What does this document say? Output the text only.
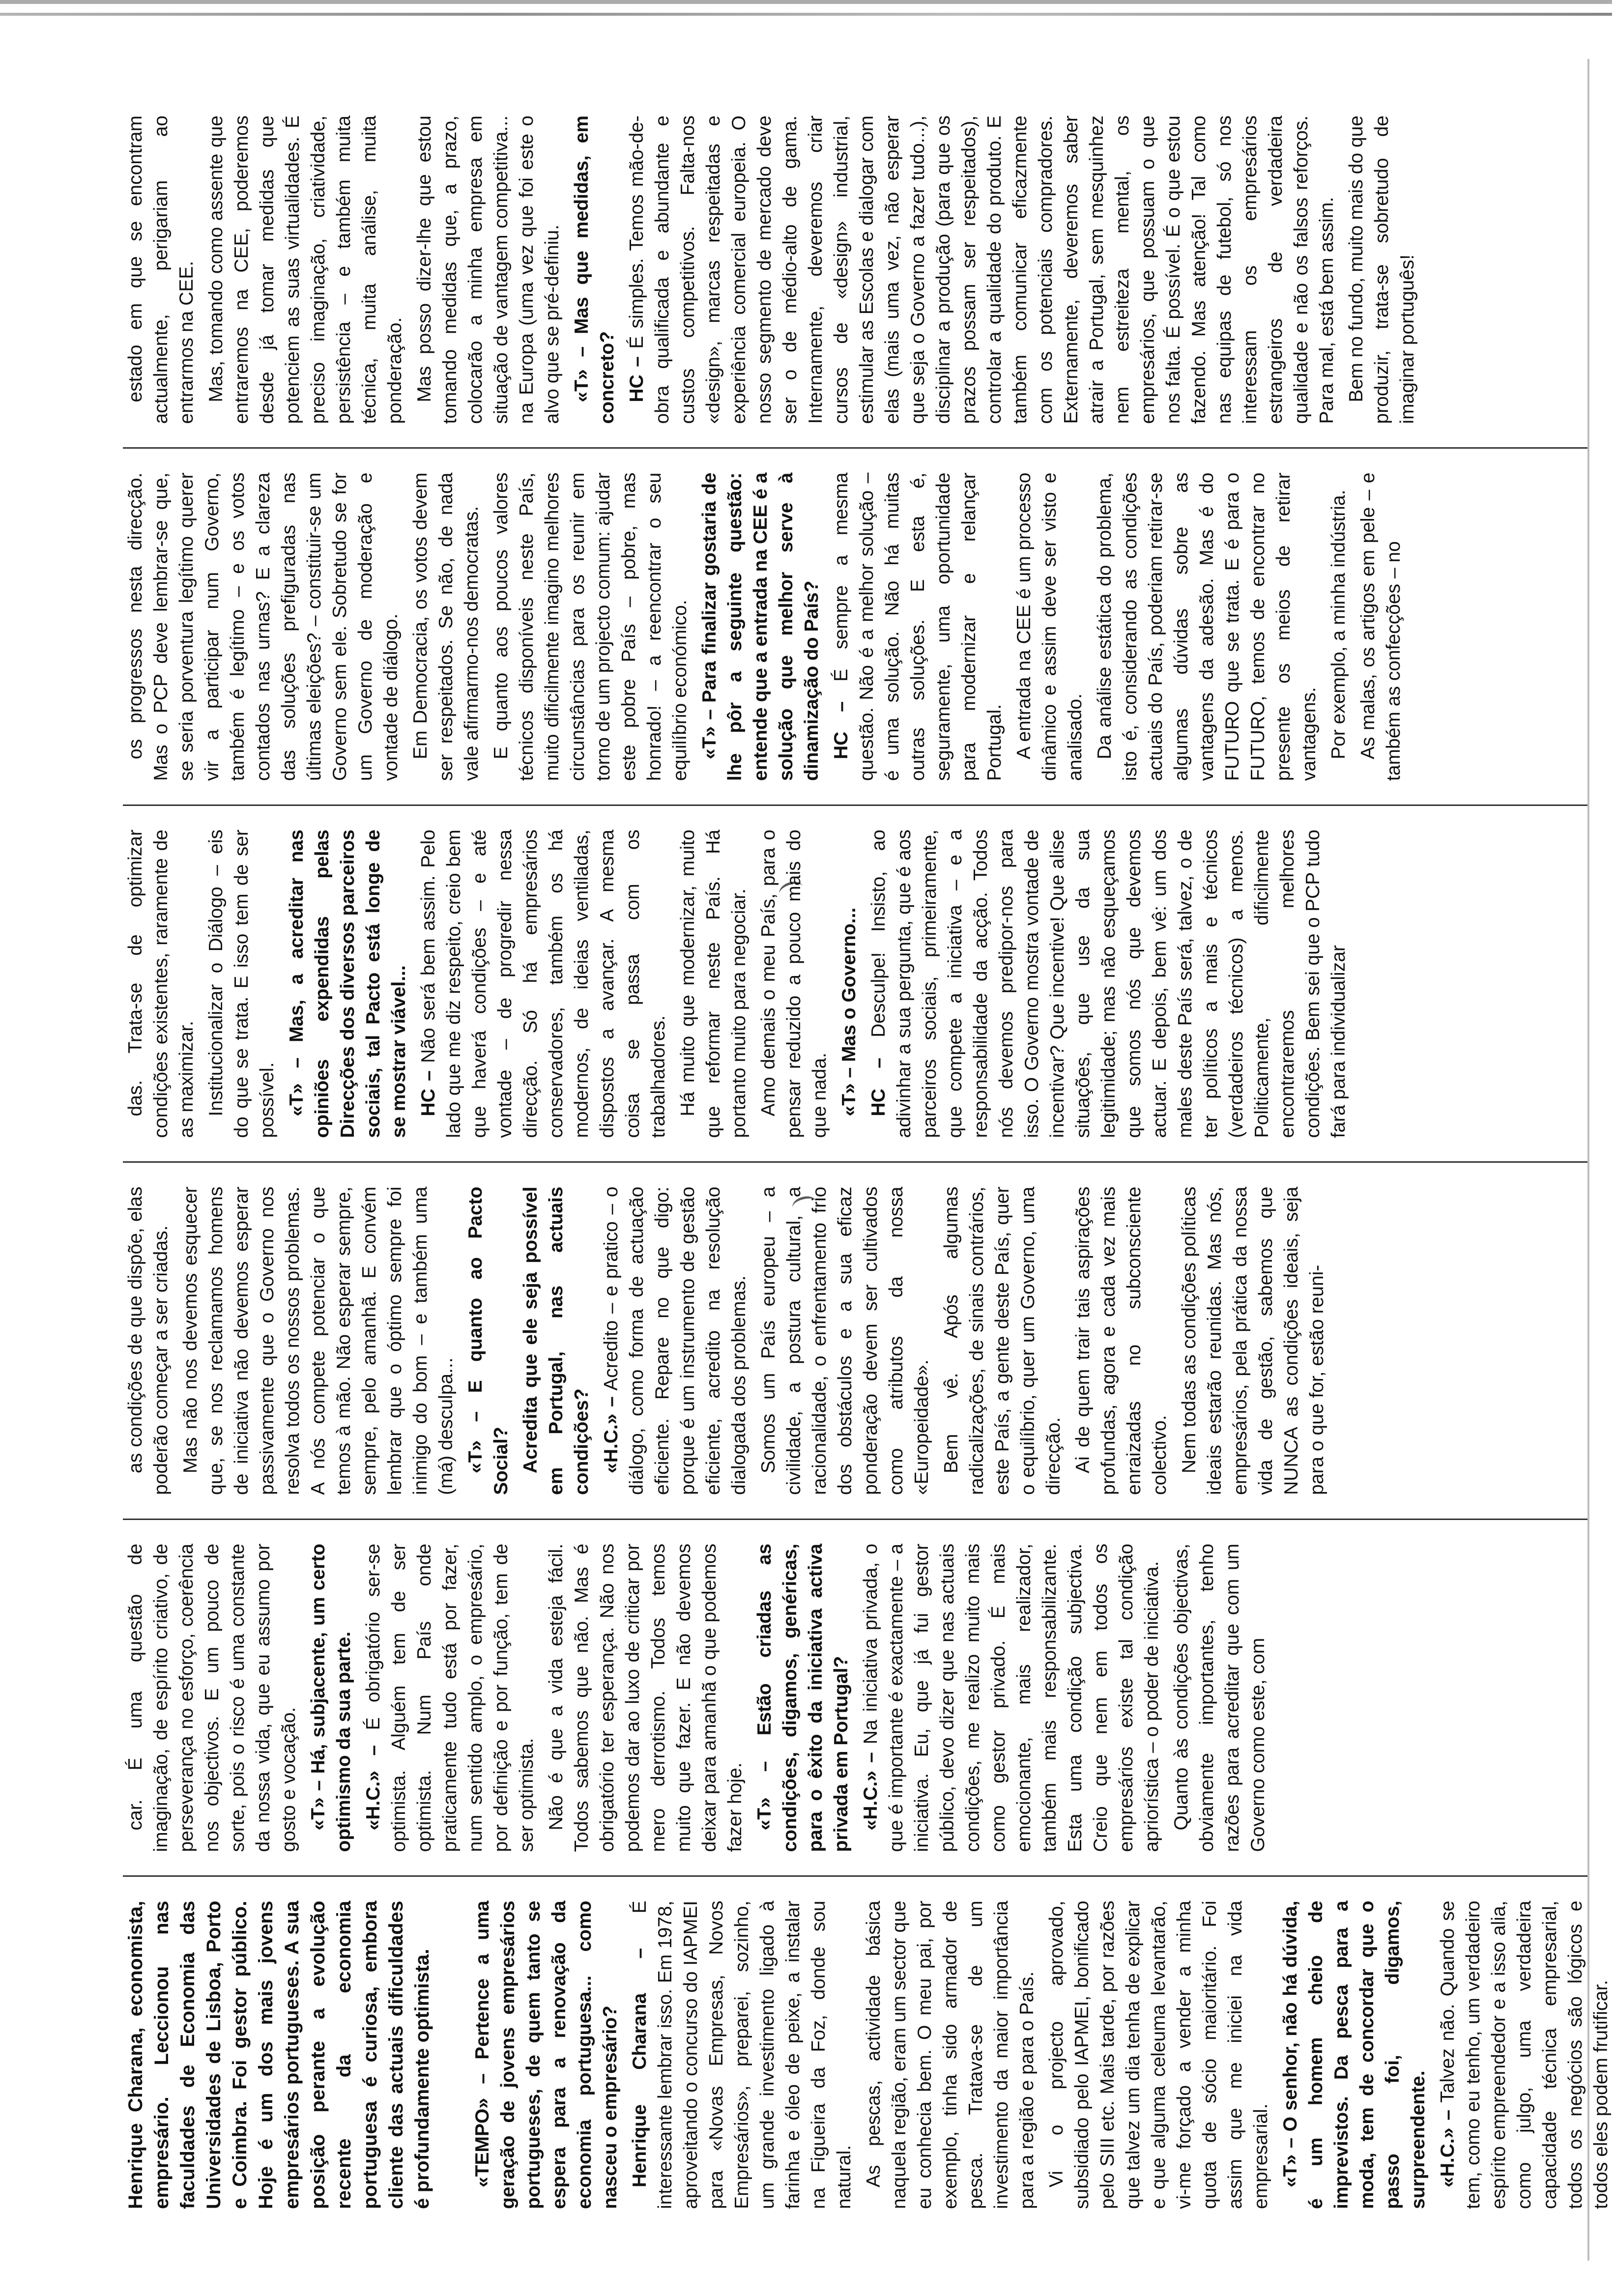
Henrique Charana, economista, empresário. Leccionou nas faculdades de Economia das Universidades de Lisboa, Porto e Coimbra. Foi gestor público. Hoje é um dos mais jovens empresários portugueses. A sua posição perante a evolução recente da economia portuguesa é curiosa, embora cliente das actuais dificuldades é profundamente optimista. «TEMPO» – Pertence a uma geração de jovens empresários portugueses, de quem tanto se espera para a renovação da economia portuguesa... como nasceu o empresário? Henrique Charana – É interessante lembrar isso. Em 1978, aproveitando o concurso do IAPMEI para «Novas Empresas, Novos Empresários», preparei, sozinho, um grande investimento ligado à farinha e óleo de peixe, a instalar na Figueira da Foz, donde sou natural. As pescas, actividade básica naquela região, eram um sector que eu conhecia bem. O meu pai, por exemplo, tinha sido armador de pesca. Tratava-se de um investimento da maior importância para a região e para o País. Vi o projecto aprovado, subsidiado pelo IAPMEI, bonificado pelo SIII etc. Mais tarde, por razões que talvez um dia tenha de explicar e que alguma celeuma levantarão, vi-me forçado a vender a minha quota de sócio maioritário. Foi assim que me iniciei na vida empresarial. «T» – O senhor, não há dúvida, é um homem cheio de imprevistos. Da pesca para a moda, tem de concordar que o passo foi, digamos, surpreendente. «H.C.» – Talvez não. Quando se tem, como eu tenho, um verdadeiro espírito empreendedor e a isso alia, como julgo, uma verdadeira capacidade técnica empresarial, todos os negócios são lógicos e todos eles podem frutificar.

car. É uma questão de imaginação, de espírito criativo, de perseverança no esforço, coerência nos objectivos. E um pouco de sorte, pois o risco é uma constante da nossa vida, que eu assumo por gosto e vocação. «T» – Há, subjacente, um certo optimismo da sua parte. «H.C.» – É obrigatório ser-se optimista. Alguém tem de ser optimista. Num País onde praticamente tudo está por fazer, num sentido amplo, o empresário, por definição e por função, tem de ser optimista. Não é que a vida esteja fácil. Todos sabemos que não. Mas é obrigatório ter esperança. Não nos podemos dar ao luxo de criticar por mero derrotismo. Todos temos muito que fazer. E não devemos deixar para amanhã o que podemos fazer hoje. «T» – Estão criadas as condições, digamos, genéricas, para o êxito da iniciativa activa privada em Portugal? «H.C.» – Na iniciativa privada, o que é importante é exactamente – a iniciativa. Eu, que já fui gestor público, devo dizer que nas actuais condições, me realizo muito mais como gestor privado. É mais emocionante, mais realizador, também mais responsabilizante. Esta uma condição subjectiva. Creio que nem em todos os empresários existe tal condição apriorística – o poder de iniciativa. Quanto às condições objectivas, obviamente importantes, tenho razões para acreditar que com um Governo como este, com

as condições de que dispõe, elas poderão começar a ser criadas. Mas não nos devemos esquecer que, se nos reclamamos homens de iniciativa não devemos esperar passivamente que o Governo nos resolva todos os nossos problemas. A nós compete potenciar o que temos à mão. Não esperar sempre, sempre, pelo amanhã. E convém lembrar que o óptimo sempre foi inimigo do bom – e também uma (má) desculpa... «T» – E quanto ao Pacto Social? Acredita que ele seja possível em Portugal, nas actuais condições? «H.C.» – Acredito – e pratico – o diálogo, como forma de actuação eficiente. Repare no que digo: porque é um instrumento de gestão eficiente, acredito na resolução dialogada dos problemas. Somos um País europeu – a civilidade, a postura cultural, a racionalidade, o enfrentamento frio dos obstáculos e a sua eficaz ponderação devem ser cultivados como atributos da nossa «Europeidade». Bem vê. Após algumas radicalizações, de sinais contrários, este País, a gente deste País, quer o equilíbrio, quer um Governo, uma direcção. Ai de quem trair tais aspirações profundas, agora e cada vez mais enraizadas no subconsciente colectivo. Nem todas as condições políticas ideais estarão reunidas. Mas nós, empresários, pela prática da nossa vida de gestão, sabemos que NUNCA as condições ideais, seja para o que for, estão reuni-

das. Trata-se de optimizar condições existentes, raramente de as maximizar. Institucionalizar o Diálogo – eis do que se trata. E isso tem de ser possível. «T» – Mas, a acreditar nas opiniões expendidas pelas Direcções dos diversos parceiros sociais, tal Pacto está longe de se mostrar viável... HC – Não será bem assim. Pelo lado que me diz respeito, creio bem que haverá condições – e até vontade – de progredir nessa direcção. Só há empresários conservadores, também os há modernos, de ideias ventiladas, dispostos a avançar. A mesma coisa se passa com os trabalhadores. Há muito que modernizar, muito que reformar neste País. Há portanto muito para negociar. Amo demais o meu País, para o pensar reduzido a pouco mais do que nada. «T» – Mas o Governo... HC – Desculpe! Insisto, ao adivinhar a sua pergunta, que é aos parceiros sociais, primeiramente, que compete a iniciativa – e a responsabilidade da acção. Todos nós devemos predipor-nos para isso. O Governo mostra vontade de incentivar? Que incentive! Que alise situações, que use da sua legitimidade; mas não esqueçamos que somos nós que devemos actuar. E depois, bem vê: um dos males deste País será, talvez, o de ter políticos a mais e técnicos (verdadeiros técnicos) a menos. Politicamente, dificilmente encontraremos melhores condições. Bem sei que o PCP tudo fará para individualizar

os progressos nesta direcção. Mas o PCP deve lembrar-se que, se seria porventura legítimo querer vir a participar num Governo, também é legítimo – e os votos contados nas urnas? E a clareza das soluções prefiguradas nas últimas eleições? – constituir-se um Governo sem ele. Sobretudo se for um Governo de moderação e vontade de diálogo. Em Democracia, os votos devem ser respeitados. Se não, de nada vale afirmarmo-nos democratas. E quanto aos poucos valores técnicos disponíveis neste País, muito dificilmente imagino melhores circunstâncias para os reunir em torno de um projecto comum: ajudar este pobre País – pobre, mas honrado! – a reencontrar o seu equilíbrio económico. «T» – Para finalizar gostaria de lhe pôr a seguinte questão: entende que a entrada na CEE é a solução que melhor serve à dinamização do País? HC – É sempre a mesma questão. Não é a melhor solução – é uma solução. Não há muitas outras soluções. E esta é, seguramente, uma oportunidade para modernizar e relançar Portugal. A entrada na CEE é um processo dinâmico e assim deve ser visto e analisado. Da análise estática do problema, isto é, considerando as condições actuais do País, poderiam retirar-se algumas dúvidas sobre as vantagens da adesão. Mas é do FUTURO que se trata. E é para o FUTURO, temos de encontrar no presente os meios de retirar vantagens. Por exemplo, a minha indústria. As malas, os artigos em pele – e também as confecções – no

estado em que se encontram actualmente, perigariam ao entrarmos na CEE. Mas, tomando como assente que entraremos na CEE, poderemos desde já tomar medidas que potenciem as suas virtualidades. É preciso imaginação, criatividade, persistência – e também muita técnica, muita análise, muita ponderação. Mas posso dizer-lhe que estou tomando medidas que, a prazo, colocarão a minha empresa em situação de vantagem competitiva... na Europa (uma vez que foi este o alvo que se pré-definiu. «T» – Mas que medidas, em concreto? HC – É simples. Temos mão-de-obra qualificada e abundante e custos competitivos. Falta-nos «design», marcas respeitadas e experiência comercial europeia. O nosso segmento de mercado deve ser o de médio-alto de gama. Internamente, deveremos criar cursos de «design» industrial, estimular as Escolas e dialogar com elas (mais uma vez, não esperar que seja o Governo a fazer tudo...), disciplinar a produção (para que os prazos possam ser respeitados), controlar a qualidade do produto. E também comunicar eficazmente com os potenciais compradores. Externamente, deveremos saber atrair a Portugal, sem mesquinhez nem estreiteza mental, os empresários, que possuam o que nos falta. É possível. É o que estou fazendo. Mas atenção! Tal como nas equipas de futebol, só nos interessam os empresários estrangeiros de verdadeira qualidade e não os falsos reforços. Para mal, está bem assim. Bem no fundo, muito mais do que produzir, trata-se sobretudo de imaginar português!
